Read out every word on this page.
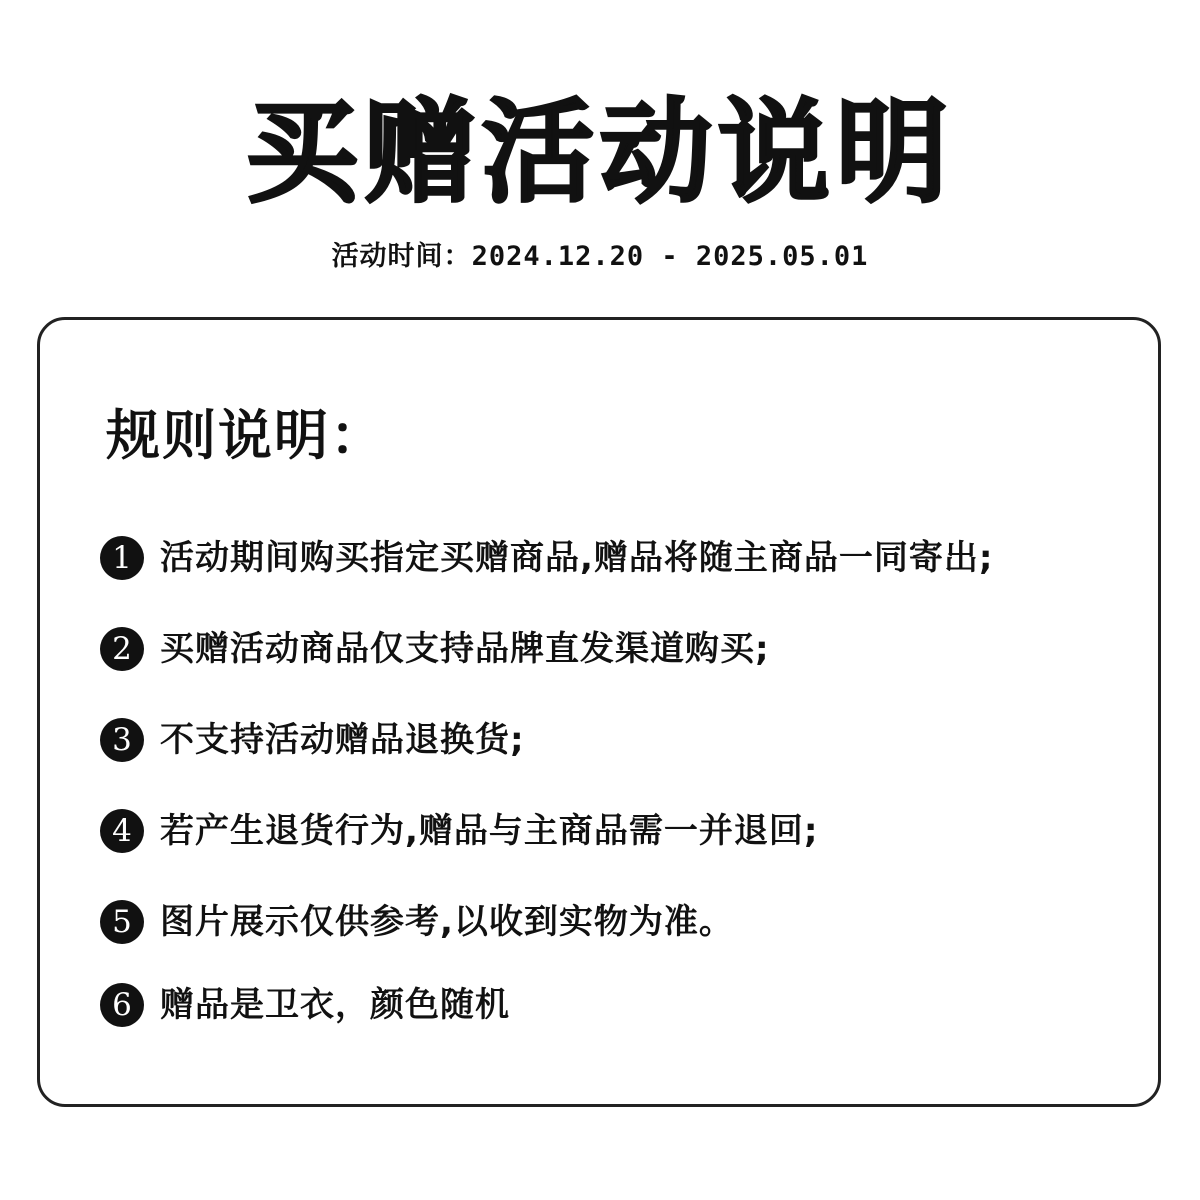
买赠活动说明
活动时间：2024.12.20 - 2025.05.01
规则说明：
1 活动期间购买指定买赠商品,赠品将随主商品一同寄出;
2 买赠活动商品仅支持品牌直发渠道购买;
3 不支持活动赠品退换货;
4 若产生退货行为,赠品与主商品需一并退回;
5 图片展示仅供参考,以收到实物为准。
6 赠品是卫衣，颜色随机
